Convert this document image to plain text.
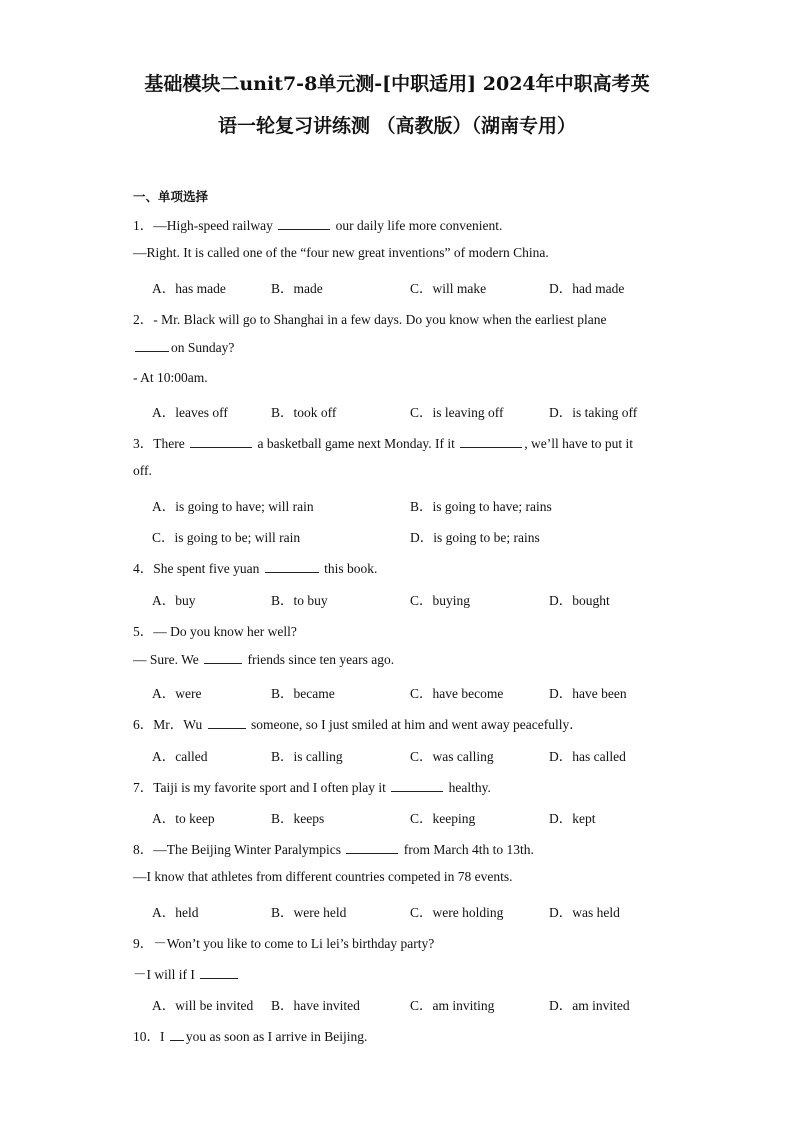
基础模块二unit7-8单元测-[中职适用] 2024年中职高考英
语一轮复习讲练测 （高教版）（湖南专用）
一、单项选择
1．—High-speed railway	our daily life more convenient.
—Right. It is called one of the “four new great inventions” of modern China.
A．has made	B．made	C．will make	D．had made
2．- Mr. Black will go to Shanghai in a few days. Do you know when the earliest plane
on Sunday?
- At 10:00am.
A．leaves off	B．took off	C．is leaving off	D．is taking off
3．There	a basketball game next Monday. If it	, we’ll have to put it
off.
A．is going to have; will rain	B．is going to have; rains
C．is going to be; will rain	D．is going to be; rains
4．She spent five yuan	this book.
A．buy	B．to buy	C．buying	D．bought
5．— Do you know her well?
— Sure. We	friends since ten years ago.
A．were	B．became	C．have become	D．have been
6．Mr．Wu	someone, so I just smiled at him and went away peacefully．
A．called	B．is calling	C．was calling	D．has called
7．Taiji is my favorite sport and I often play it	healthy.
A．to keep	B．keeps	C．keeping	D．kept
8．—The Beijing Winter Paralympics	from March 4th to 13th.
—I know that athletes from different countries competed in 78 events.
A．held	B．were held	C．were holding	D．was held
9．－Won’t you like to come to Li lei’s birthday party?
－I will if I
A．will be invited B．have invited	C．am inviting	D．am invited
10．I you as soon as I arrive in Beijing.
